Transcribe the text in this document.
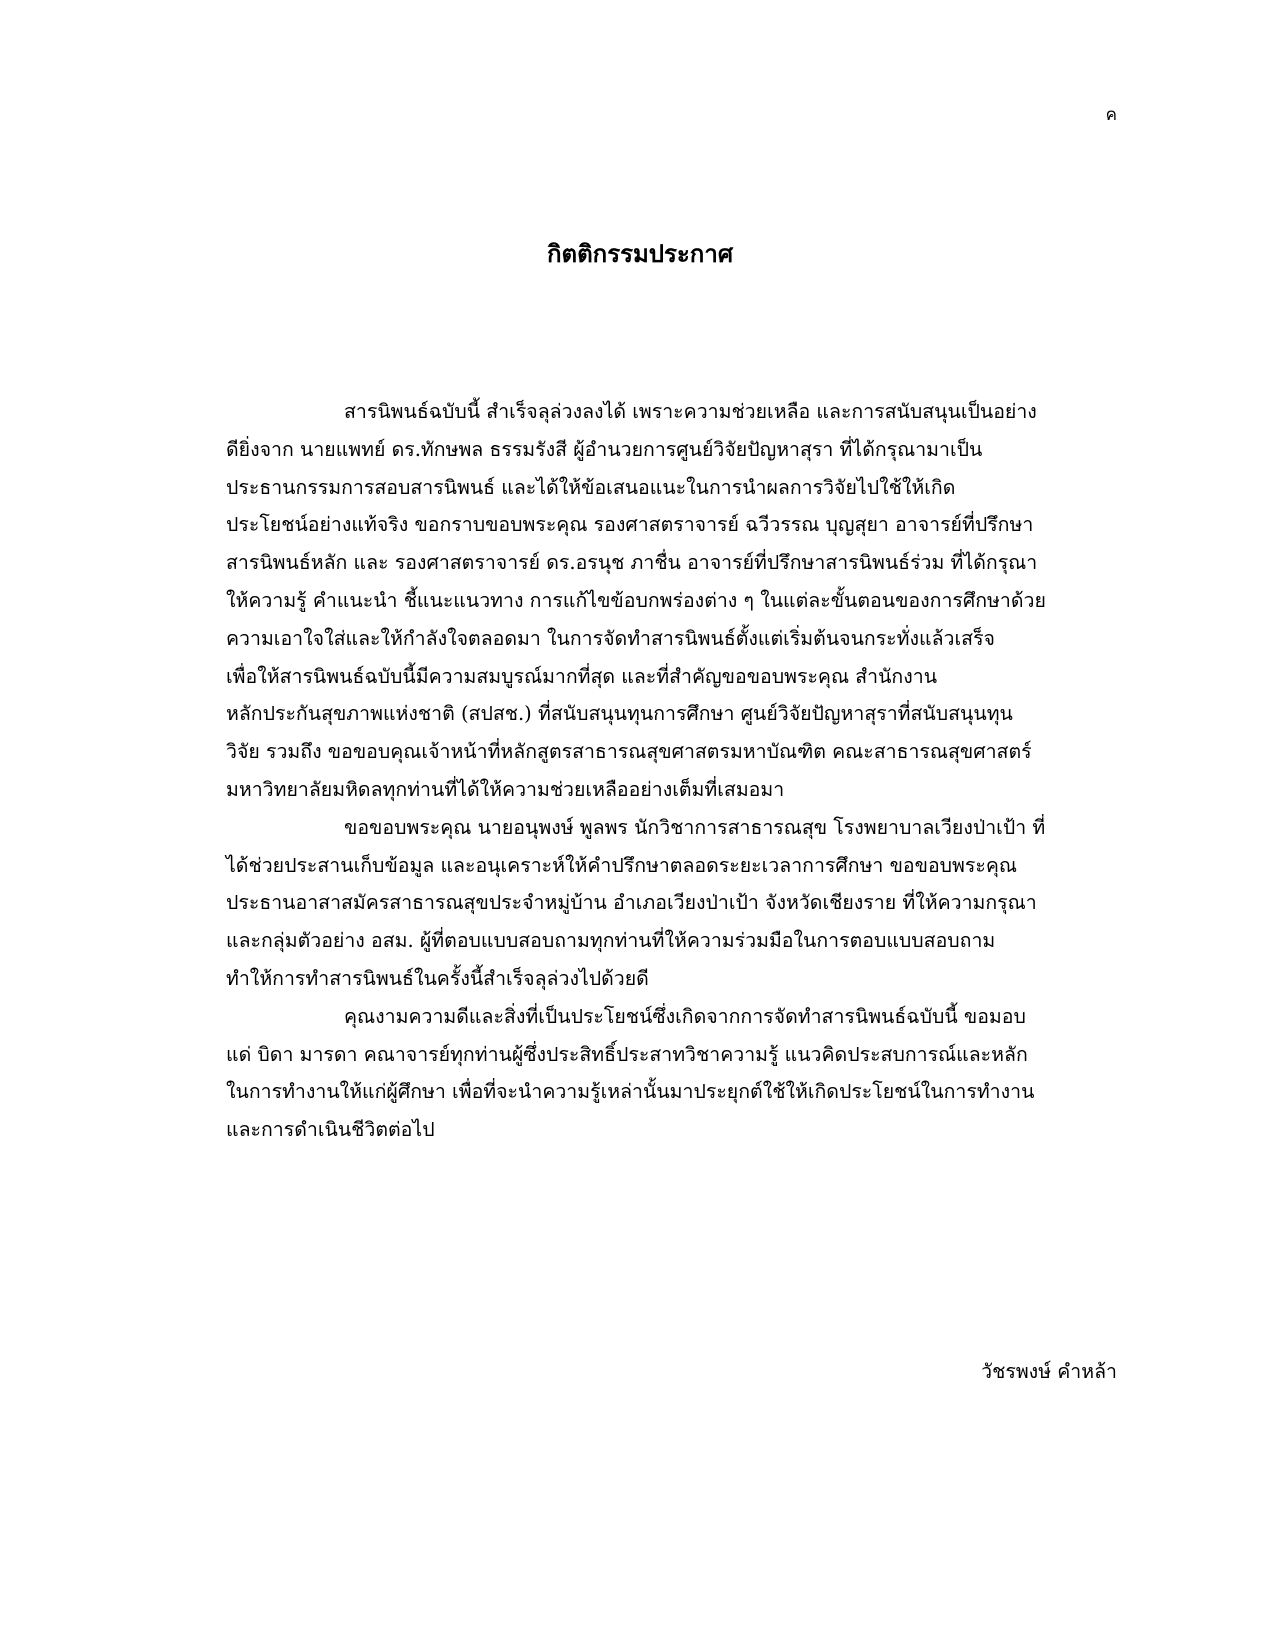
ค
กิตติกรรมประกาศ

สารนิพนธ์ฉบับนี้ สำเร็จลุล่วงลงได้ เพราะความช่วยเหลือ และการสนับสนุนเป็นอย่าง

ดียิ่งจาก นายแพทย์ ดร.ทักษพล ธรรมรังสี ผู้อำนวยการศูนย์วิจัยปัญหาสุรา ที่ได้กรุณามาเป็น

ประธานกรรมการสอบสารนิพนธ์ และได้ให้ข้อเสนอแนะในการนำผลการวิจัยไปใช้ให้เกิด

ประโยชน์อย่างแท้จริง ขอกราบขอบพระคุณ รองศาสตราจารย์ ฉวีวรรณ บุญสุยา อาจารย์ที่ปรึกษา

สารนิพนธ์หลัก และ รองศาสตราจารย์ ดร.อรนุช ภาชื่น อาจารย์ที่ปรึกษาสารนิพนธ์ร่วม ที่ได้กรุณา

ให้ความรู้ คำแนะนำ ชี้แนะแนวทาง การแก้ไขข้อบกพร่องต่าง ๆ ในแต่ละขั้นตอนของการศึกษาด้วย

ความเอาใจใส่และให้กำลังใจตลอดมา ในการจัดทำสารนิพนธ์ตั้งแต่เริ่มต้นจนกระทั่งแล้วเสร็จ

เพื่อให้สารนิพนธ์ฉบับนี้มีความสมบูรณ์มากที่สุด และที่สำคัญขอขอบพระคุณ สำนักงาน

หลักประกันสุขภาพแห่งชาติ (สปสช.) ที่สนับสนุนทุนการศึกษา ศูนย์วิจัยปัญหาสุราที่สนับสนุนทุน

วิจัย รวมถึง ขอขอบคุณเจ้าหน้าที่หลักสูตรสาธารณสุขศาสตรมหาบัณฑิต คณะสาธารณสุขศาสตร์

มหาวิทยาลัยมหิดลทุกท่านที่ได้ให้ความช่วยเหลืออย่างเต็มที่เสมอมา

ขอขอบพระคุณ นายอนุพงษ์ พูลพร นักวิชาการสาธารณสุข โรงพยาบาลเวียงป่าเป้า ที่

ได้ช่วยประสานเก็บข้อมูล และอนุเคราะห์ให้คำปรึกษาตลอดระยะเวลาการศึกษา ขอขอบพระคุณ

ประธานอาสาสมัครสาธารณสุขประจำหมู่บ้าน อำเภอเวียงป่าเป้า จังหวัดเชียงราย ที่ให้ความกรุณา

และกลุ่มตัวอย่าง อสม. ผู้ที่ตอบแบบสอบถามทุกท่านที่ให้ความร่วมมือในการตอบแบบสอบถาม

ทำให้การทำสารนิพนธ์ในครั้งนี้สำเร็จลุล่วงไปด้วยดี

คุณงามความดีและสิ่งที่เป็นประโยชน์ซึ่งเกิดจากการจัดทำสารนิพนธ์ฉบับนี้ ขอมอบ

แด่ บิดา มารดา คณาจารย์ทุกท่านผู้ซึ่งประสิทธิ์ประสาทวิชาความรู้ แนวคิดประสบการณ์และหลัก

ในการทำงานให้แก่ผู้ศึกษา เพื่อที่จะนำความรู้เหล่านั้นมาประยุกต์ใช้ให้เกิดประโยชน์ในการทำงาน

และการดำเนินชีวิตต่อไป

วัชรพงษ์ คำหล้า
